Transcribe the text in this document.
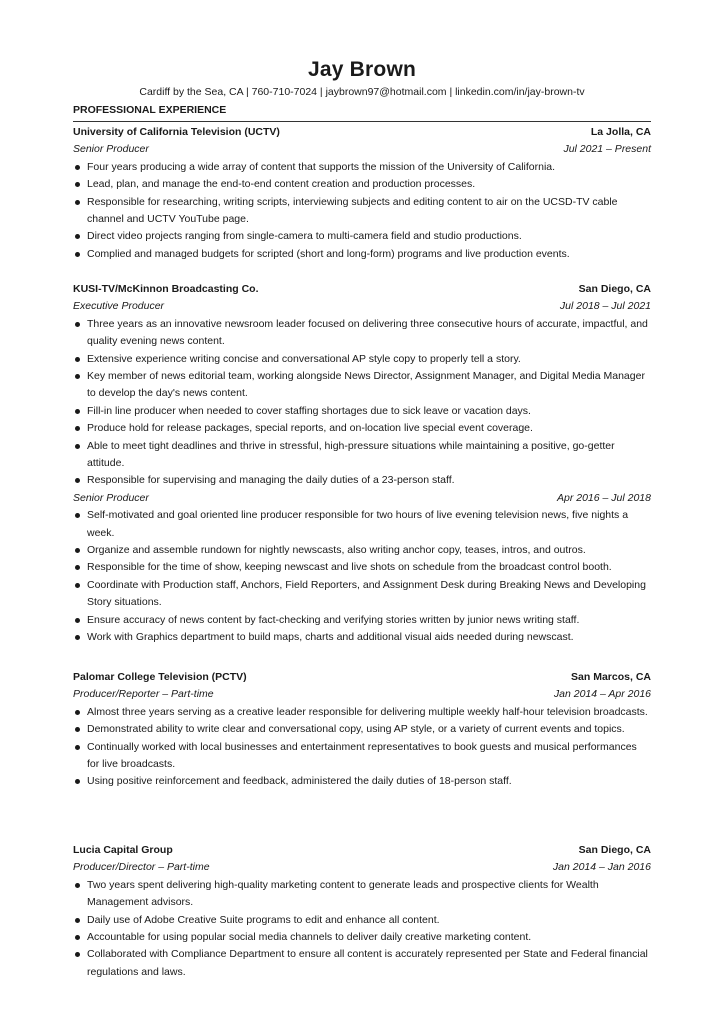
Jay Brown
Cardiff by the Sea, CA | 760-710-7024 | jaybrown97@hotmail.com | linkedin.com/in/jay-brown-tv
PROFESSIONAL EXPERIENCE
University of California Television (UCTV)	La Jolla, CA
Senior Producer	Jul 2021 – Present
Four years producing a wide array of content that supports the mission of the University of California.
Lead, plan, and manage the end-to-end content creation and production processes.
Responsible for researching, writing scripts, interviewing subjects and editing content to air on the UCSD-TV cable channel and UCTV YouTube page.
Direct video projects ranging from single-camera to multi-camera field and studio productions.
Complied and managed budgets for scripted (short and long-form) programs and live production events.
KUSI-TV/McKinnon Broadcasting Co.	San Diego, CA
Executive Producer	Jul 2018 – Jul 2021
Three years as an innovative newsroom leader focused on delivering three consecutive hours of accurate, impactful, and quality evening news content.
Extensive experience writing concise and conversational AP style copy to properly tell a story.
Key member of news editorial team, working alongside News Director, Assignment Manager, and Digital Media Manager to develop the day's news content.
Fill-in line producer when needed to cover staffing shortages due to sick leave or vacation days.
Produce hold for release packages, special reports, and on-location live special event coverage.
Able to meet tight deadlines and thrive in stressful, high-pressure situations while maintaining a positive, go-getter attitude.
Responsible for supervising and managing the daily duties of a 23-person staff.
Senior Producer	Apr 2016 – Jul 2018
Self-motivated and goal oriented line producer responsible for two hours of live evening television news, five nights a week.
Organize and assemble rundown for nightly newscasts, also writing anchor copy, teases, intros, and outros.
Responsible for the time of show, keeping newscast and live shots on schedule from the broadcast control booth.
Coordinate with Production staff, Anchors, Field Reporters, and Assignment Desk during Breaking News and Developing Story situations.
Ensure accuracy of news content by fact-checking and verifying stories written by junior news writing staff.
Work with Graphics department to build maps, charts and additional visual aids needed during newscast.
Palomar College Television (PCTV)	San Marcos, CA
Producer/Reporter – Part-time	Jan 2014 – Apr 2016
Almost three years serving as a creative leader responsible for delivering multiple weekly half-hour television broadcasts.
Demonstrated ability to write clear and conversational copy, using AP style, or a variety of current events and topics.
Continually worked with local businesses and entertainment representatives to book guests and musical performances for live broadcasts.
Using positive reinforcement and feedback, administered the daily duties of 18-person staff.
Lucia Capital Group	San Diego, CA
Producer/Director – Part-time	Jan 2014 – Jan 2016
Two years spent delivering high-quality marketing content to generate leads and prospective clients for Wealth Management advisors.
Daily use of Adobe Creative Suite programs to edit and enhance all content.
Accountable for using popular social media channels to deliver daily creative marketing content.
Collaborated with Compliance Department to ensure all content is accurately represented per State and Federal financial regulations and laws.
